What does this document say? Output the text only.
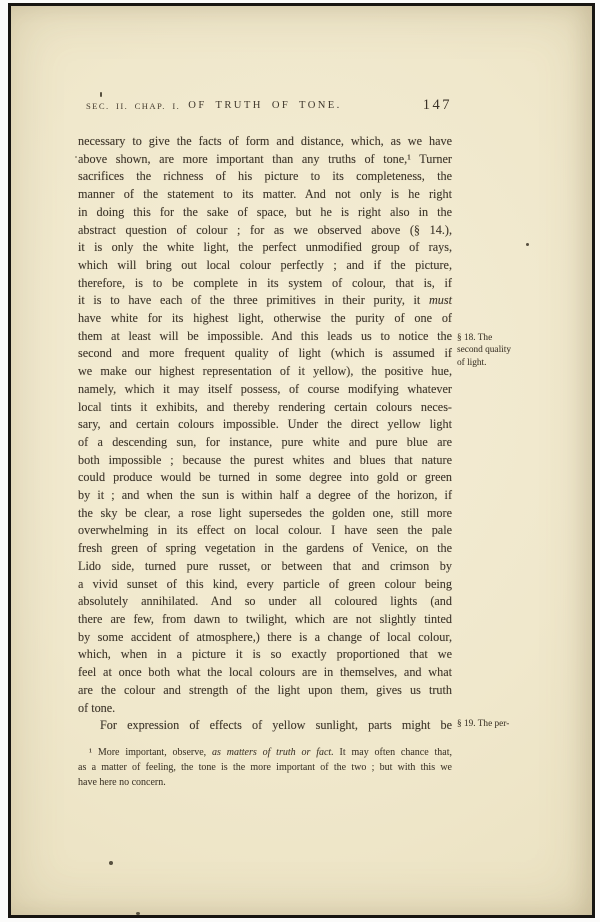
SEC. II. CHAP. I. OF TRUTH OF TONE.	147
necessary to give the facts of form and distance, which, as we have
above shown, are more important than any truths of tone,¹ Turner
sacrifices the richness of his picture to its completeness, the
manner of the statement to its matter. And not only is he right
in doing this for the sake of space, but he is right also in the
abstract question of colour ; for as we observed above (§ 14.),
it is only the white light, the perfect unmodified group of rays,
which will bring out local colour perfectly ; and if the picture,
therefore, is to be complete in its system of colour, that is, if
it is to have each of the three primitives in their purity, it must
have white for its highest light, otherwise the purity of one of
them at least will be impossible. And this leads us to notice the
second and more frequent quality of light (which is assumed if
we make our highest representation of it yellow), the positive hue,
namely, which it may itself possess, of course modifying whatever
local tints it exhibits, and thereby rendering certain colours neces-
sary, and certain colours impossible. Under the direct yellow light
of a descending sun, for instance, pure white and pure blue are
both impossible ; because the purest whites and blues that nature
could produce would be turned in some degree into gold or green
by it ; and when the sun is within half a degree of the horizon, if
the sky be clear, a rose light supersedes the golden one, still more
overwhelming in its effect on local colour. I have seen the pale
fresh green of spring vegetation in the gardens of Venice, on the
Lido side, turned pure russet, or between that and crimson by
a vivid sunset of this kind, every particle of green colour being
absolutely annihilated. And so under all coloured lights (and
there are few, from dawn to twilight, which are not slightly tinted
by some accident of atmosphere,) there is a change of local colour,
which, when in a picture it is so exactly proportioned that we
feel at once both what the local colours are in themselves, and what
are the colour and strength of the light upon them, gives us truth
of tone.
For expression of effects of yellow sunlight, parts might be
¹ More important, observe, as matters of truth or fact. It may often chance that,
as a matter of feeling, the tone is the more important of the two ; but with this we
have here no concern.
§ 18. The
second quality
of light.
§ 19. The per-
